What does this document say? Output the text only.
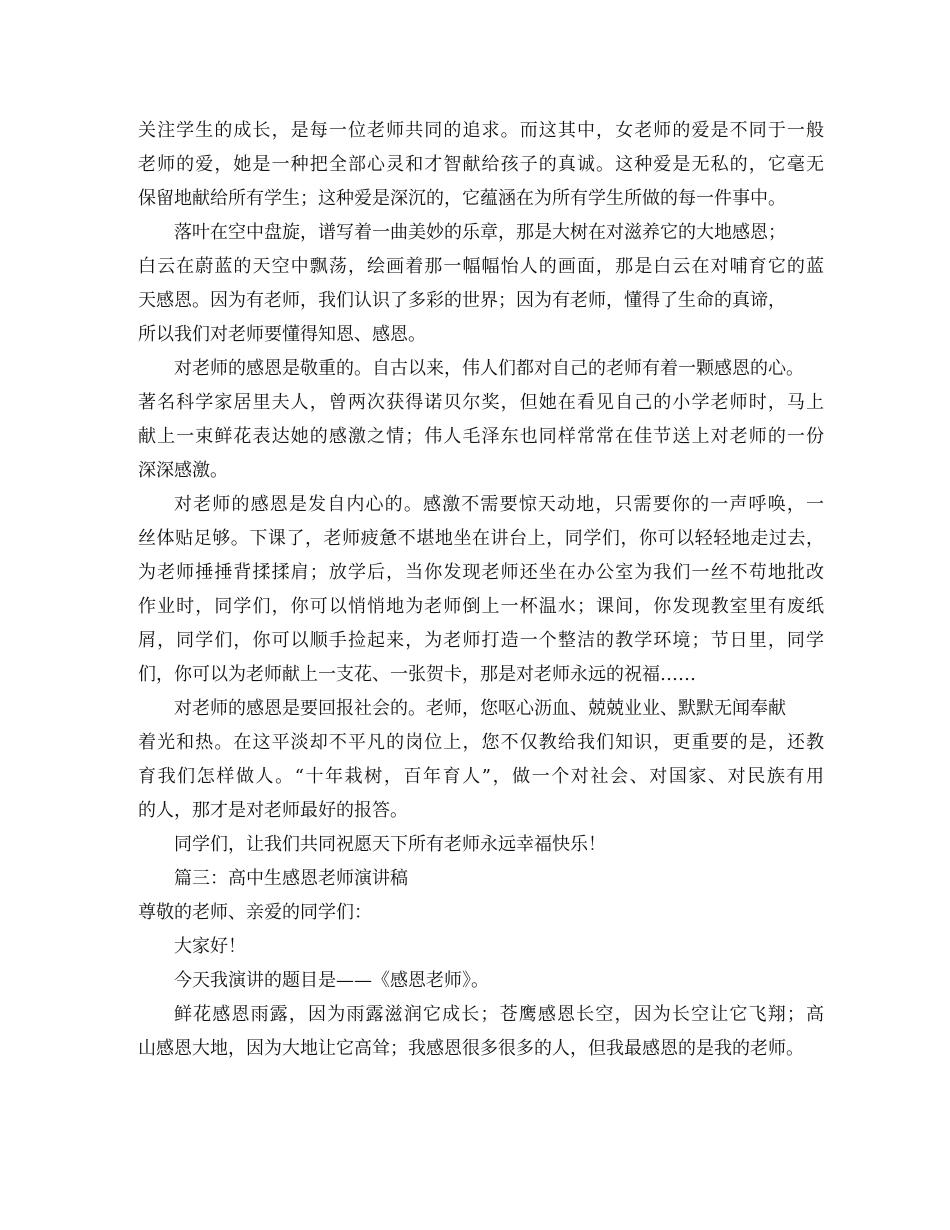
关注学生的成长，是每一位老师共同的追求。而这其中，女老师的爱是不同于一般
老师的爱，她是一种把全部心灵和才智献给孩子的真诚。这种爱是无私的，它毫无
保留地献给所有学生；这种爱是深沉的，它蕴涵在为所有学生所做的每一件事中。
落叶在空中盘旋，谱写着一曲美妙的乐章，那是大树在对滋养它的大地感恩；
白云在蔚蓝的天空中飘荡，绘画着那一幅幅怡人的画面，那是白云在对哺育它的蓝
天感恩。因为有老师，我们认识了多彩的世界；因为有老师，懂得了生命的真谛，
所以我们对老师要懂得知恩、感恩。
对老师的感恩是敬重的。自古以来，伟人们都对自己的老师有着一颗感恩的心。
著名科学家居里夫人，曾两次获得诺贝尔奖，但她在看见自己的小学老师时，马上
献上一束鲜花表达她的感激之情；伟人毛泽东也同样常常在佳节送上对老师的一份
深深感激。
对老师的感恩是发自内心的。感激不需要惊天动地，只需要你的一声呼唤，一
丝体贴足够。下课了，老师疲惫不堪地坐在讲台上，同学们，你可以轻轻地走过去，
为老师捶捶背揉揉肩；放学后，当你发现老师还坐在办公室为我们一丝不苟地批改
作业时，同学们，你可以悄悄地为老师倒上一杯温水；课间，你发现教室里有废纸
屑，同学们，你可以顺手捡起来，为老师打造一个整洁的教学环境；节日里，同学
们，你可以为老师献上一支花、一张贺卡，那是对老师永远的祝福……
对老师的感恩是要回报社会的。老师，您呕心沥血、兢兢业业、默默无闻奉献
着光和热。在这平淡却不平凡的岗位上，您不仅教给我们知识，更重要的是，还教
育我们怎样做人。“十年栽树，百年育人”，做一个对社会、对国家、对民族有用
的人，那才是对老师最好的报答。
同学们，让我们共同祝愿天下所有老师永远幸福快乐！
篇三：高中生感恩老师演讲稿
尊敬的老师、亲爱的同学们：
大家好！
今天我演讲的题目是——《感恩老师》。
鲜花感恩雨露，因为雨露滋润它成长；苍鹰感恩长空，因为长空让它飞翔；高
山感恩大地，因为大地让它高耸；我感恩很多很多的人，但我最感恩的是我的老师。
